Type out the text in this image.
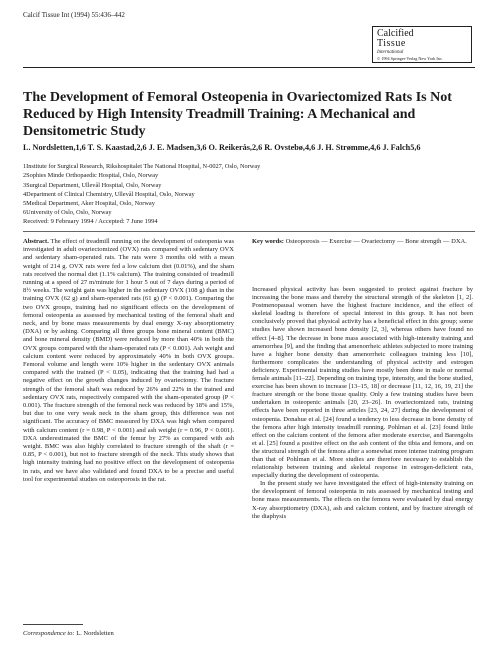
Calcif Tissue Int (1994) 55:436–442
Calcified
Tissue
International
© 1994 Springer-Verlag New York Inc.
The Development of Femoral Osteopenia in Ovariectomized Rats Is Not Reduced by High Intensity Treadmill Training: A Mechanical and Densitometric Study
L. Nordsletten,1,6 T. S. Kaastad,2,6 J. E. Madsen,3,6 O. Reikerås,2,6 R. Ovstebø,4,6 J. H. Strømme,4,6 J. Falch5,6
1Institute for Surgical Research, Rikshospitalet The National Hospital, N-0027, Oslo, Norway
2Sophies Minde Orthopaedic Hospital, Oslo, Norway
3Surgical Department, Ullevål Hospital, Oslo, Norway
4Department of Clinical Chemistry, Ullevål Hospital, Oslo, Norway
5Medical Department, Aker Hospital, Oslo, Norway
6University of Oslo, Oslo, Norway
Received: 9 February 1994 / Accepted: 7 June 1994
Abstract. The effect of treadmill running on the development of osteopenia was investigated in adult ovariectomized (OVX) rats compared with sedentary OVX and sedentary sham-operated rats. The rats were 3 months old with a mean weight of 214 g. OVX rats were fed a low calcium diet (0.01%), and the sham rats received the normal diet (1.1% calcium). The training consisted of treadmill running at a speed of 27 m/minute for 1 hour 5 out of 7 days during a period of 8½ weeks. The weight gain was higher in the sedentary OVX (108 g) than in the training OVX (62 g) and sham-operated rats (61 g) (P < 0.001). Comparing the two OVX groups, training had no significant effects on the development of femoral osteopenia as assessed by mechanical testing of the femoral shaft and neck, and by bone mass measurements by dual energy X-ray absorptiometry (DXA) or by ashing. Comparing all three groups bone mineral content (BMC) and bone mineral density (BMD) were reduced by more than 40% in both the OVX groups compared with the sham-operated rats (P < 0.001). Ash weight and calcium content were reduced by approximately 40% in both OVX groups. Femoral volume and length were 10% higher in the sedentary OVX animals compared with the trained (P < 0.05), indicating that the training had had a negative effect on the growth changes induced by ovariectomy. The fracture strength of the femoral shaft was reduced by 26% and 22% in the trained and sedentary OVX rats, respectively compared with the sham-operated group (P < 0.001). The fracture strength of the femoral neck was reduced by 18% and 15%, but due to one very weak neck in the sham group, this difference was not significant. The accuracy of BMC measured by DXA was high when compared with calcium content (r = 0.98, P < 0.001) and ash weight (r = 0.96, P < 0.001). DXA underestimated the BMC of the femur by 27% as compared with ash weight. BMC was also highly correlated to fracture strength of the shaft (r = 0.85, P < 0.001), but not to fracture strength of the neck. This study shows that high intensity training had no positive effect on the development of osteopenia in rats, and we have also validated and found DXA to be a precise and useful tool for experimental studies on osteoporosis in the rat.
Key words: Osteoporosis — Exercise — Ovariectomy — Bone strength — DXA.

Increased physical activity has been suggested to protect against fracture by increasing the bone mass and thereby the structural strength of the skeleton [1, 2]. Postmenopausal women have the highest fracture incidence, and the effect of skeletal loading is therefore of special interest in this group. It has not been conclusively proved that physical activity has a beneficial effect in this group; some studies have shown increased bone density [2, 3], whereas others have found no effect [4–8]. The decrease in bone mass associated with high-intensity training and amenorrhea [9], and the finding that amenorrheic athletes subjected to more training have a higher bone density than amenorrheic colleagues training less [10], furthermore complicates the understanding of physical activity and estrogen deficiency. Experimental training studies have mostly been done in male or normal female animals [11–22]. Depending on training type, intensity, and the bone studied, exercise has been shown to increase [13–15, 18] or decrease [11, 12, 16, 19, 21] the fracture strength or the bone tissue quality. Only a few training studies have been undertaken in osteopenic animals [20, 23–26]. In ovariectomized rats, training effects have been reported in three articles [23, 24, 27] during the development of osteopenia. Donahue et al. [24] found a tendency to less decrease in bone density of the femora after high intensity treadmill running. Pohlman et al. [23] found little effect on the calcium content of the femora after moderate exercise, and Barengolts et al. [25] found a positive effect on the ash content of the tibia and femora, and on the structural strength of the femora after a somewhat more intense training program than that of Pohlman et al. More studies are therefore necessary to establish the relationship between training and skeletal response in estrogen-deficient rats, especially during the development of osteopenia.

In the present study we have investigated the effect of high-intensity training on the development of femoral osteopenia in rats assessed by mechanical testing and bone mass measurements. The effects on the femora were evaluated by dual energy X-ray absorptiometry (DXA), ash and calcium content, and by fracture strength of the diaphysis

Correspondence to: L. Nordsletten
